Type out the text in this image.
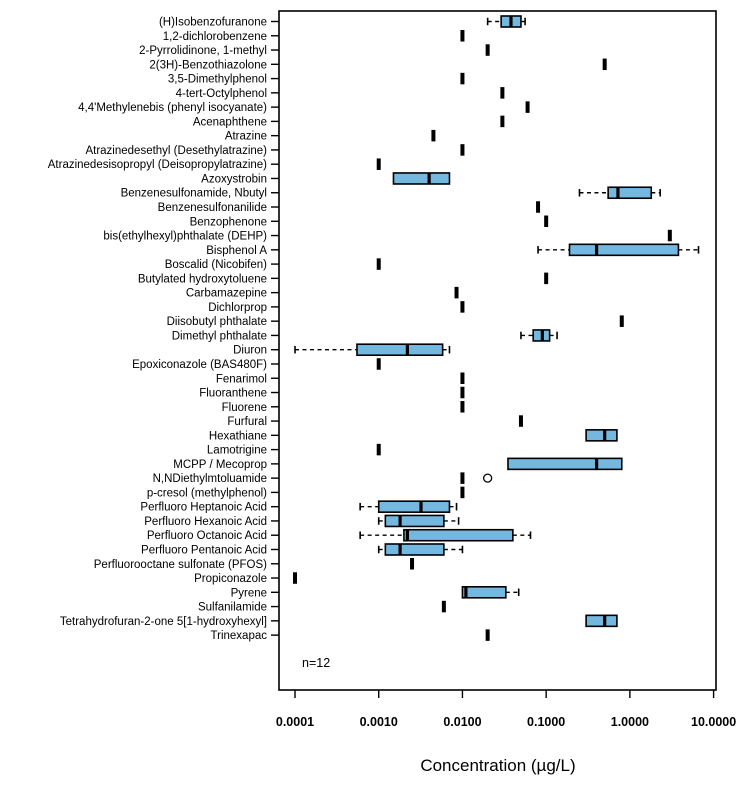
(H)Isobenzofuranone
1,2-dichlorobenzene
2-Pyrrolidinone, 1-methyl
2(3H)-Benzothiazolone
3,5-Dimethylphenol
4-tert-Octylphenol
4,4'Methylenebis (phenyl isocyanate)
Acenaphthene
Atrazine
Atrazinedesethyl (Desethylatrazine)
Atrazinedesisopropyl (Deisopropylatrazine)
Azoxystrobin
Benzenesulfonamide, Nbutyl
Benzenesulfonanilide
Benzophenone
bis(ethylhexyl)phthalate (DEHP)
Bisphenol A
Boscalid (Nicobifen)
Butylated hydroxytoluene
Carbamazepine
Dichlorprop
Diisobutyl phthalate
Dimethyl phthalate
Diuron
Epoxiconazole (BAS480F)
Fenarimol
Fluoranthene
Fluorene
Furfural
Hexathiane
Lamotrigine
MCPP / Mecoprop
N,NDiethylmtoluamide
p-cresol (methylphenol)
Perfluoro Heptanoic Acid
Perfluoro Hexanoic Acid
Perfluoro Octanoic Acid
Perfluoro Pentanoic Acid
Perfluorooctane sulfonate (PFOS)
Propiconazole
Pyrene
Sulfanilamide
Tetrahydrofuran-2-one 5[1-hydroxyhexyl]
Trinexapac
0.0001	0.0010	0.0100	0.1000	1.0000	10.0000
n=12
Concentration (µg/L)
